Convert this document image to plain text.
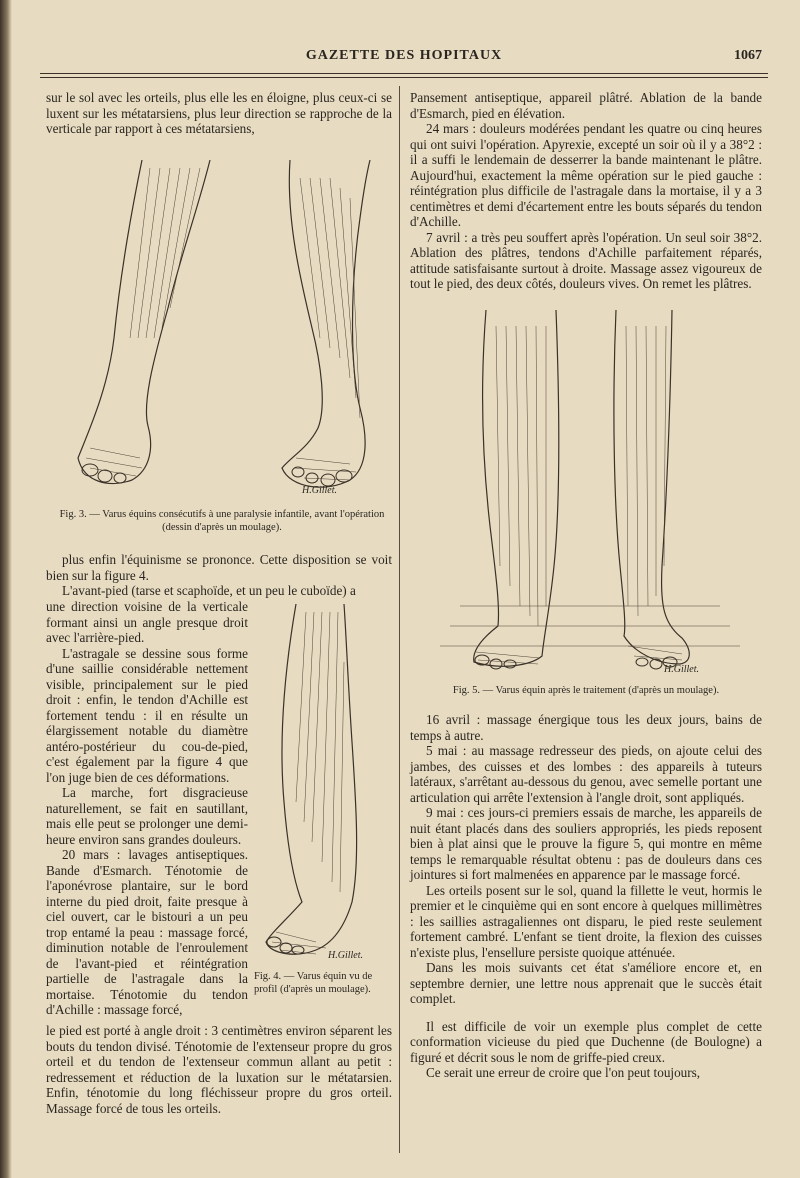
GAZETTE DES HOPITAUX	1067

sur le sol avec les orteils, plus elle les en éloigne, plus ceux-ci se luxent sur les métatarsiens, plus leur direction se rapproche de la verticale par rapport à ces métatarsiens,

H.Gillet.
Fig. 3. — Varus équins consécutifs à une paralysie infantile, avant l'opération (dessin d'après un moulage).

plus enfin l'équinisme se prononce. Cette disposition se voit bien sur la figure 4.

L'avant-pied (tarse et scaphoïde, et un peu le cuboïde) a

une direction voisine de la verticale formant ainsi un angle presque droit avec l'arrière-pied.

L'astragale se dessine sous forme d'une saillie considérable nettement visible, principalement sur le pied droit : enfin, le tendon d'Achille est fortement tendu : il en résulte un élargissement notable du diamètre antéro-postérieur du cou-de-pied, c'est également par la figure 4 que l'on juge bien de ces déformations.

La marche, fort disgracieuse naturellement, se fait en sautillant, mais elle peut se prolonger une demi-heure environ sans grandes douleurs.

20 mars : lavages antiseptiques. Bande d'Esmarch. Ténotomie de l'aponévrose plantaire, sur le bord interne du pied droit, faite presque à ciel ouvert, car le bistouri a un peu trop entamé la peau : massage forcé, diminution notable de l'enroulement de l'avant-pied et réintégration partielle de l'astragale dans la mortaise. Ténotomie du tendon d'Achille : massage forcé,

H.Gillet.
Fig. 4. — Varus équin vu de profil (d'après un moulage).

le pied est porté à angle droit : 3 centimètres environ séparent les bouts du tendon divisé. Ténotomie de l'extenseur propre du gros orteil et du tendon de l'extenseur commun allant au petit : redressement et réduction de la luxation sur le métatarsien. Enfin, ténotomie du long fléchisseur propre du gros orteil. Massage forcé de tous les orteils.

Pansement antiseptique, appareil plâtré. Ablation de la bande d'Esmarch, pied en élévation.

24 mars : douleurs modérées pendant les quatre ou cinq heures qui ont suivi l'opération. Apyrexie, excepté un soir où il y a 38°2 : il a suffi le lendemain de desserrer la bande maintenant le plâtre. Aujourd'hui, exactement la même opération sur le pied gauche : réintégration plus difficile de l'astragale dans la mortaise, il y a 3 centimètres et demi d'écartement entre les bouts séparés du tendon d'Achille.

7 avril : a très peu souffert après l'opération. Un seul soir 38°2. Ablation des plâtres, tendons d'Achille parfaitement réparés, attitude satisfaisante surtout à droite. Massage assez vigoureux de tout le pied, des deux côtés, douleurs vives. On remet les plâtres.

H.Gillet.
Fig. 5. — Varus équin après le traitement (d'après un moulage).

16 avril : massage énergique tous les deux jours, bains de temps à autre.

5 mai : au massage redresseur des pieds, on ajoute celui des jambes, des cuisses et des lombes : des appareils à tuteurs latéraux, s'arrêtant au-dessous du genou, avec semelle portant une articulation qui arrête l'extension à l'angle droit, sont appliqués.

9 mai : ces jours-ci premiers essais de marche, les appareils de nuit étant placés dans des souliers appropriés, les pieds reposent bien à plat ainsi que le prouve la figure 5, qui montre en même temps le remarquable résultat obtenu : pas de douleurs dans ces jointures si fort malmenées en apparence par le massage forcé.

Les orteils posent sur le sol, quand la fillette le veut, hormis le premier et le cinquième qui en sont encore à quelques millimètres : les saillies astragaliennes ont disparu, le pied reste seulement fortement cambré. L'enfant se tient droite, la flexion des cuisses n'existe plus, l'ensellure persiste quoique atténuée.

Dans les mois suivants cet état s'améliore encore et, en septembre dernier, une lettre nous apprenait que le succès était complet.

Il est difficile de voir un exemple plus complet de cette conformation vicieuse du pied que Duchenne (de Boulogne) a figuré et décrit sous le nom de griffe-pied creux.

Ce serait une erreur de croire que l'on peut toujours,
